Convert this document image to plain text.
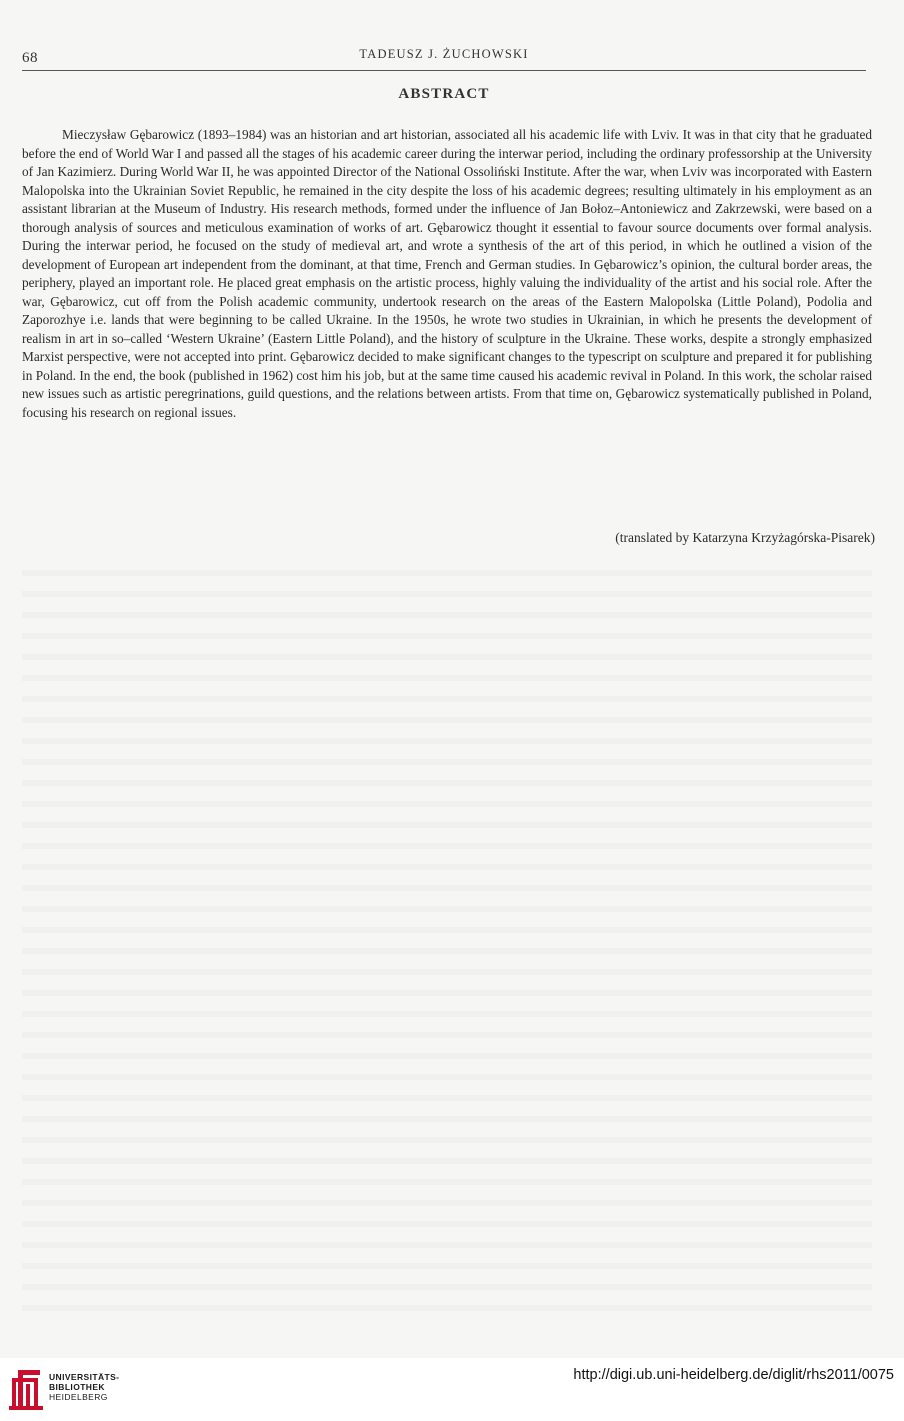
68	TADEUSZ J. ŻUCHOWSKI
ABSTRACT

Mieczysław Gębarowicz (1893–1984) was an historian and art historian, associated all his academic life with Lviv. It was in that city that he graduated before the end of World War I and passed all the stages of his academic career during the interwar period, including the ordinary professorship at the University of Jan Kazimierz. During World War II, he was appointed Director of the National Ossoliński Institute. After the war, when Lviv was incorporated with Eastern Malopolska into the Ukrainian Soviet Republic, he remained in the city despite the loss of his academic degrees; resulting ultimately in his employment as an assistant librarian at the Museum of Industry. His research methods, formed under the influence of Jan Bołoz–Antoniewicz and Zakrzewski, were based on a thorough analysis of sources and meticulous examination of works of art. Gębarowicz thought it essential to favour source documents over formal analysis. During the interwar period, he focused on the study of medieval art, and wrote a synthesis of the art of this period, in which he outlined a vision of the development of European art independent from the dominant, at that time, French and German studies. In Gębarowicz’s opinion, the cultural border areas, the periphery, played an important role. He placed great emphasis on the artistic process, highly valuing the individuality of the artist and his social role. After the war, Gębarowicz, cut off from the Polish academic community, undertook research on the areas of the Eastern Malopolska (Little Poland), Podolia and Zaporozhye i.e. lands that were beginning to be called Ukraine. In the 1950s, he wrote two studies in Ukrainian, in which he presents the development of realism in art in so–called ‘Western Ukraine’ (Eastern Little Poland), and the history of sculpture in the Ukraine. These works, despite a strongly emphasized Marxist perspective, were not accepted into print. Gębarowicz decided to make significant changes to the typescript on sculpture and prepared it for publishing in Poland. In the end, the book (published in 1962) cost him his job, but at the same time caused his academic revival in Poland. In this work, the scholar raised new issues such as artistic peregrinations, guild questions, and the relations between artists. From that time on, Gębarowicz systematically published in Poland, focusing his research on regional issues.

(translated by Katarzyna Krzyżagórska-Pisarek)
UNIVERSITÄTS-
BIBLIOTHEK
HEIDELBERG
http://digi.ub.uni-heidelberg.de/diglit/rhs2011/0075
